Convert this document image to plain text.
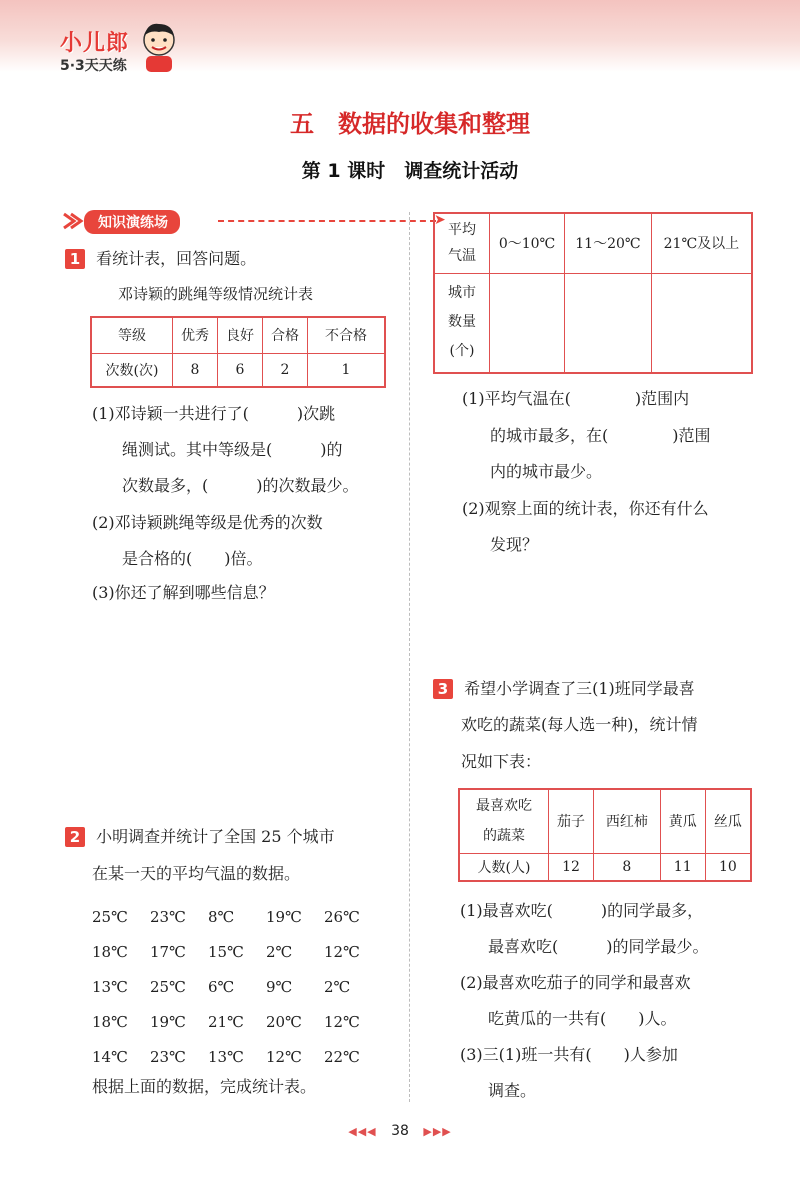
小儿郎
5·3天天练
五　数据的收集和整理
第 1 课时　调查统计活动
知识演练场	➤
1 看统计表，回答问题。
邓诗颖的跳绳等级情况统计表
等级	优秀	良好	合格	不合格
次数(次)	8	6	2	1
(1)邓诗颖一共进行了(　　　)次跳
绳测试。其中等级是(　　　)的
次数最多，(　　　)的次数最少。
(2)邓诗颖跳绳等级是优秀的次数
是合格的(　　)倍。
(3)你还了解到哪些信息？
2 小明调查并统计了全国 25 个城市
在某一天的平均气温的数据。
25℃ 23℃ 8℃ 19℃ 26℃
18℃ 17℃ 15℃ 2℃ 12℃
13℃ 25℃ 6℃ 9℃ 2℃
18℃ 19℃ 21℃ 20℃ 12℃
14℃ 23℃ 13℃ 12℃ 22℃
根据上面的数据，完成统计表。
平均
气温	0～10℃	11～20℃	21℃及以上

城市
数量
(个)			

(1)平均气温在(　　　　)范围内
的城市最多，在(　　　　)范围
内的城市最少。
(2)观察上面的统计表，你还有什么
发现？
3 希望小学调查了三(1)班同学最喜
欢吃的蔬菜(每人选一种)，统计情
况如下表：
最喜欢吃
的蔬菜	茄子	西红柿	黄瓜	丝瓜
人数(人)	12	8	11	10
(1)最喜欢吃(　　　)的同学最多，
最喜欢吃(　　　)的同学最少。
(2)最喜欢吃茄子的同学和最喜欢
吃黄瓜的一共有(　　)人。
(3)三(1)班一共有(　　)人参加
调查。
◀◀◀ 38 ▶▶▶
